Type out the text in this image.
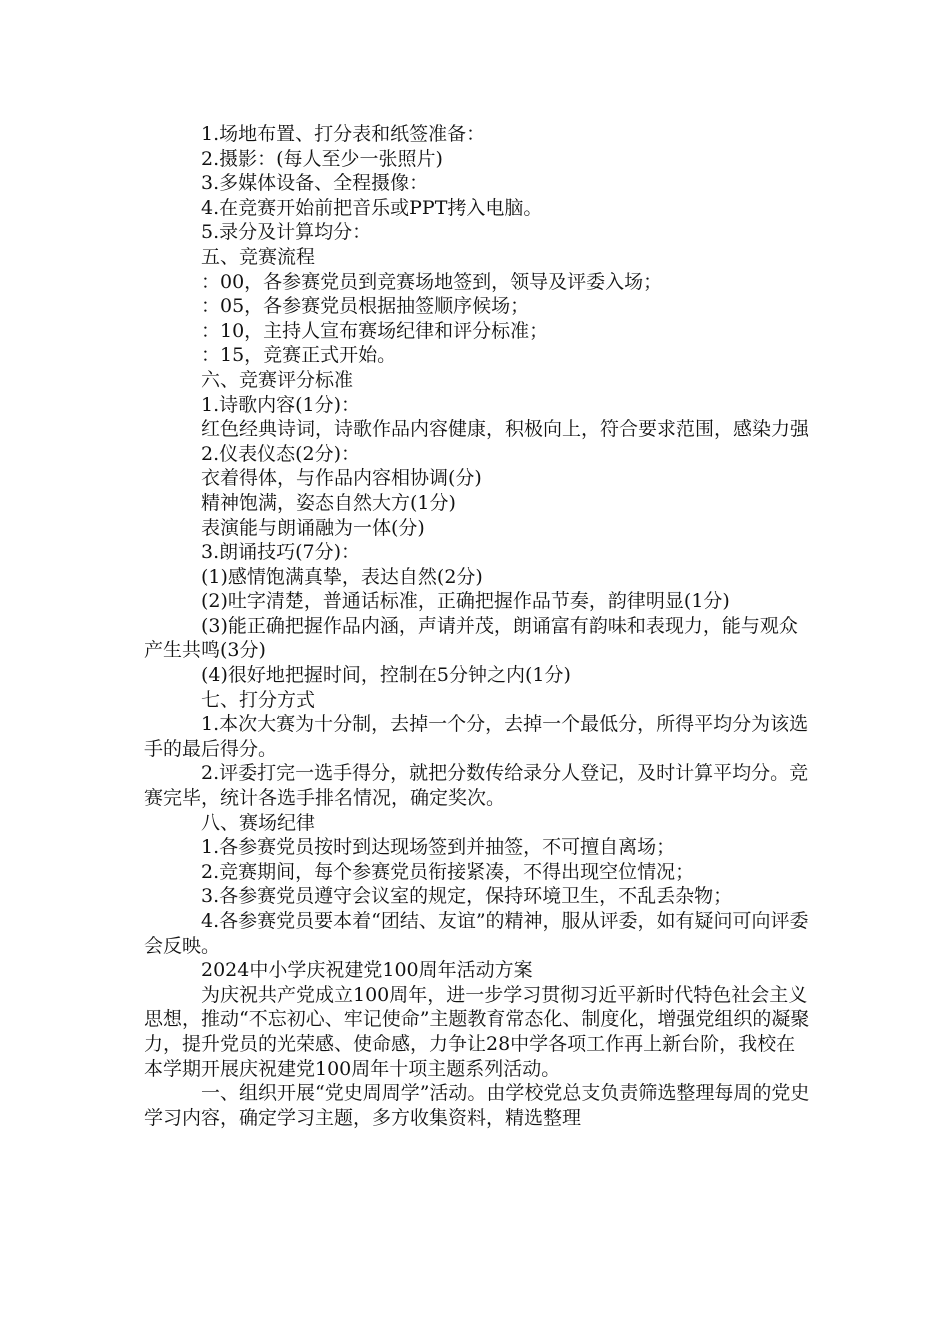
1.场地布置、打分表和纸签准备：

2.摄影：(每人至少一张照片)

3.多媒体设备、全程摄像：

4.在竞赛开始前把音乐或PPT拷入电脑。

5.录分及计算均分：

五、竞赛流程

：00，各参赛党员到竞赛场地签到，领导及评委入场；

：05，各参赛党员根据抽签顺序候场；

：10，主持人宣布赛场纪律和评分标准；

：15，竞赛正式开始。

六、竞赛评分标准

1.诗歌内容(1分)：

红色经典诗词，诗歌作品内容健康，积极向上，符合要求范围，感染力强

2.仪表仪态(2分)：

衣着得体，与作品内容相协调(分)

精神饱满，姿态自然大方(1分)

表演能与朗诵融为一体(分)

3.朗诵技巧(7分)：

(1)感情饱满真挚，表达自然(2分)

(2)吐字清楚，普通话标准，正确把握作品节奏，韵律明显(1分)

(3)能正确把握作品内涵，声请并茂，朗诵富有韵味和表现力，能与观众产生共鸣(3分)

(4)很好地把握时间，控制在5分钟之内(1分)

七、打分方式

1.本次大赛为十分制，去掉一个分，去掉一个最低分，所得平均分为该选手的最后得分。

2.评委打完一选手得分，就把分数传给录分人登记，及时计算平均分。竞赛完毕，统计各选手排名情况，确定奖次。

八、赛场纪律

1.各参赛党员按时到达现场签到并抽签，不可擅自离场；

2.竞赛期间，每个参赛党员衔接紧凑，不得出现空位情况；

3.各参赛党员遵守会议室的规定，保持环境卫生，不乱丢杂物；

4.各参赛党员要本着“团结、友谊”的精神，服从评委，如有疑问可向评委会反映。

2024中小学庆祝建党100周年活动方案

为庆祝共产党成立100周年，进一步学习贯彻习近平新时代特色社会主义思想，推动“不忘初心、牢记使命”主题教育常态化、制度化，增强党组织的凝聚力，提升党员的光荣感、使命感，力争让28中学各项工作再上新台阶，我校在本学期开展庆祝建党100周年十项主题系列活动。

一、组织开展“党史周周学”活动。由学校党总支负责筛选整理每周的党史学习内容，确定学习主题，多方收集资料，精选整理
